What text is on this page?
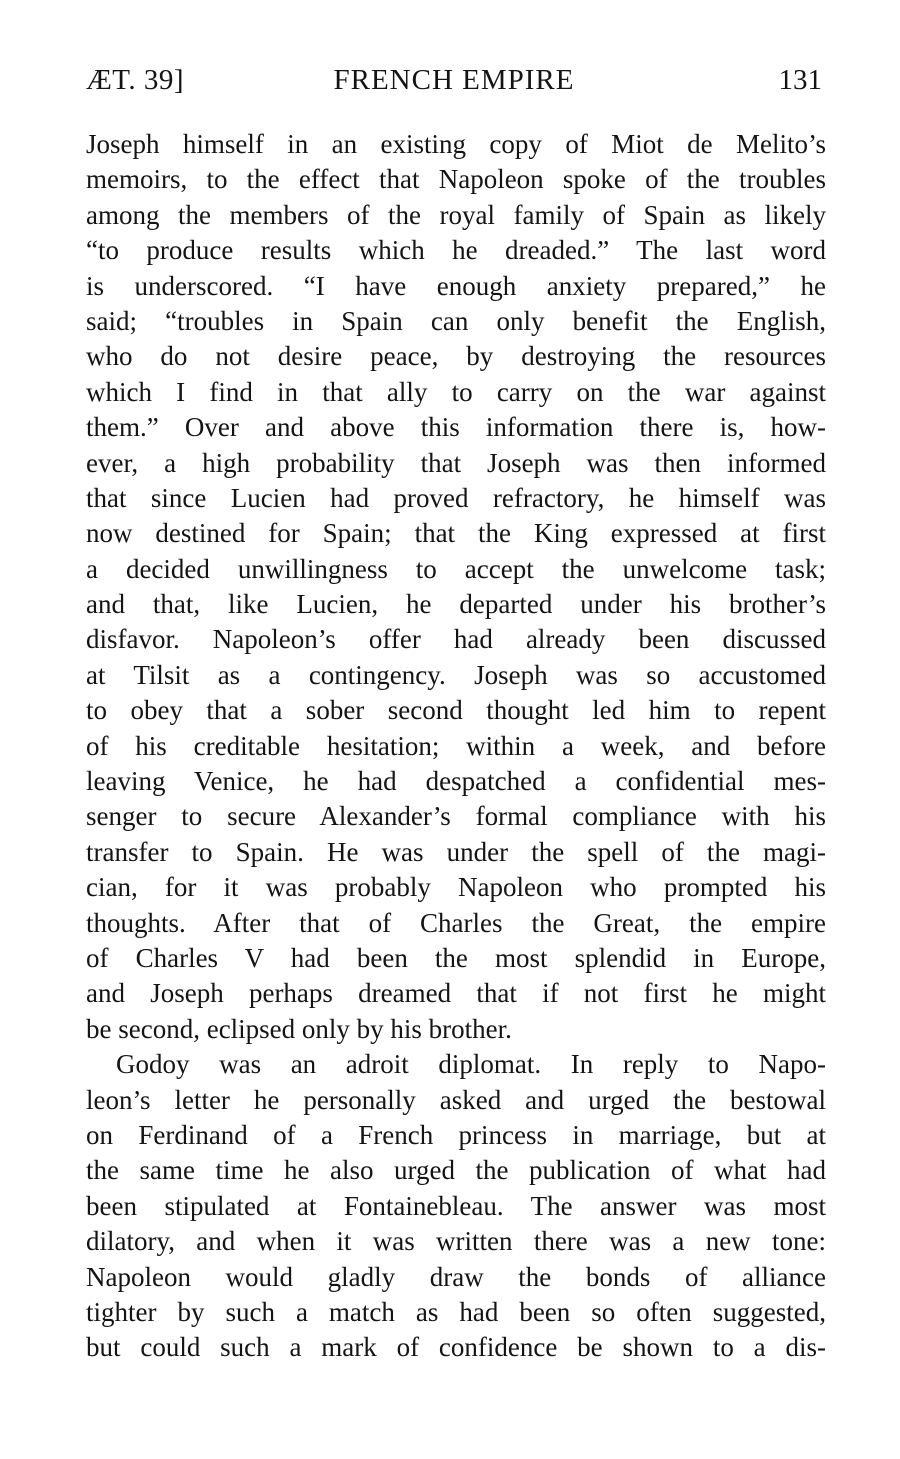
ÆT. 39]	FRENCH EMPIRE	131
Joseph himself in an existing copy of Miot de Melito’s
memoirs, to the effect that Napoleon spoke of the troubles
among the members of the royal family of Spain as likely
“to produce results which he dreaded.” The last word
is underscored. “I have enough anxiety prepared,” he
said; “troubles in Spain can only benefit the English,
who do not desire peace, by destroying the resources
which I find in that ally to carry on the war against
them.” Over and above this information there is, how-
ever, a high probability that Joseph was then informed
that since Lucien had proved refractory, he himself was
now destined for Spain; that the King expressed at first
a decided unwillingness to accept the unwelcome task;
and that, like Lucien, he departed under his brother’s
disfavor. Napoleon’s offer had already been discussed
at Tilsit as a contingency. Joseph was so accustomed
to obey that a sober second thought led him to repent
of his creditable hesitation; within a week, and before
leaving Venice, he had despatched a confidential mes-
senger to secure Alexander’s formal compliance with his
transfer to Spain. He was under the spell of the magi-
cian, for it was probably Napoleon who prompted his
thoughts. After that of Charles the Great, the empire
of Charles V had been the most splendid in Europe,
and Joseph perhaps dreamed that if not first he might
be second, eclipsed only by his brother.
Godoy was an adroit diplomat. In reply to Napo-
leon’s letter he personally asked and urged the bestowal
on Ferdinand of a French princess in marriage, but at
the same time he also urged the publication of what had
been stipulated at Fontainebleau. The answer was most
dilatory, and when it was written there was a new tone:
Napoleon would gladly draw the bonds of alliance
tighter by such a match as had been so often suggested,
but could such a mark of confidence be shown to a dis-
